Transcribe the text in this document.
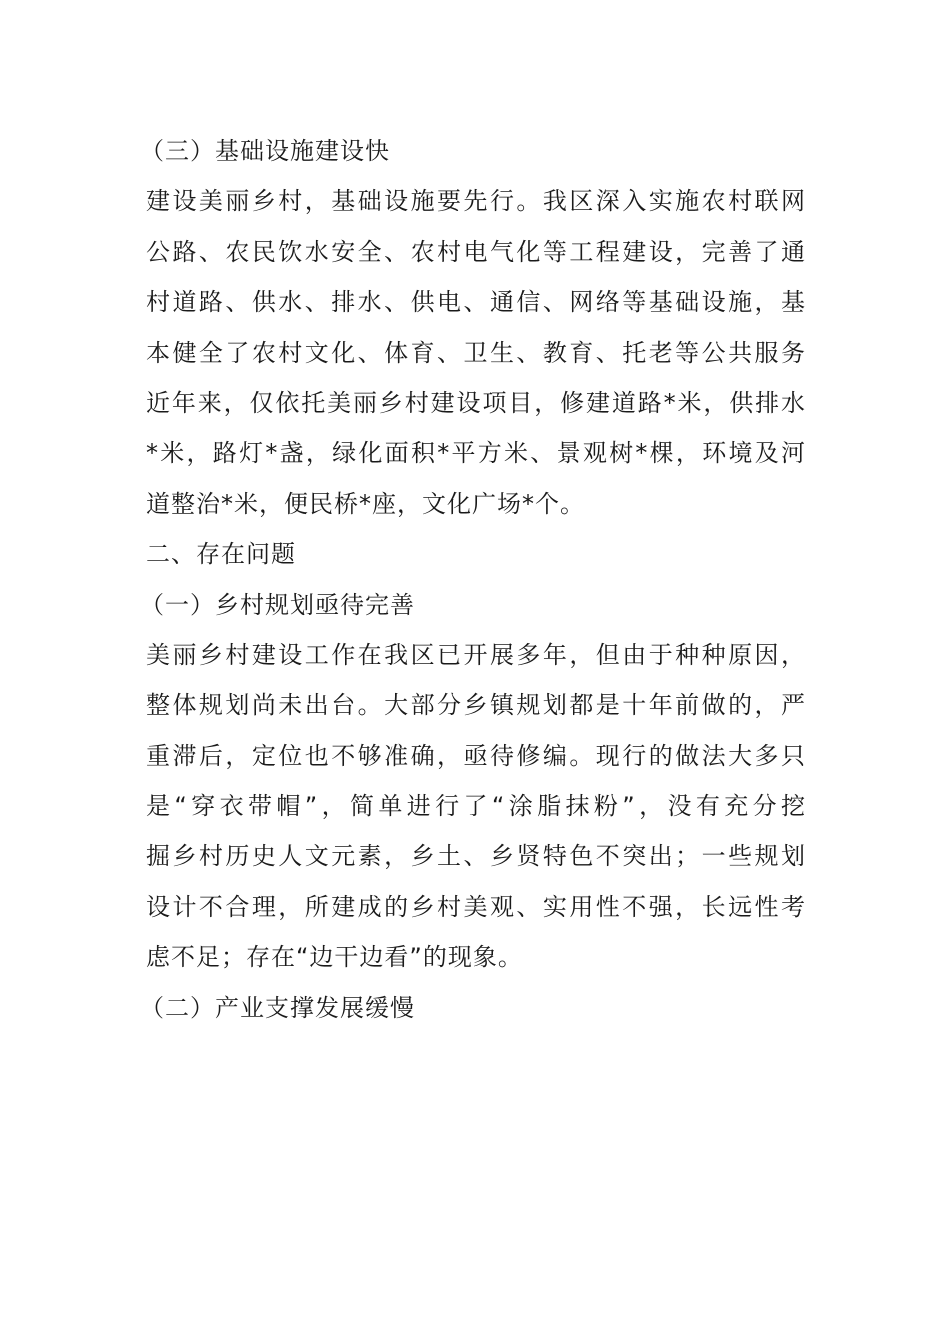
（三）基础设施建设快
建​设​美​丽​乡​村​，​基​础​设​施​要​先​行​。​我​区​深​入​实​施​农​村​联​网
公​路​、​农​民​饮​水​安​全​、​农​村​电​气​化​等​工​程​建​设​，​完​善​了​通
村​道​路​、​供​水​、​排​水​、​供​电​、​通​信​、​网​络​等​基​础​设​施​，​基
本​健​全​了​农​村​文​化​、​体​育​、​卫​生​、​教​育​、​托​老​等​公​共​服​务
近​年​来​，​仅​依​托​美​丽​乡​村​建​设​项​目​，​修​建​道​路​*​米​，​供​排​水
*​米​，​路​灯​*​盏​，​绿​化​面​积​*​平​方​米​、​景​观​树​*​棵​，​环​境​及​河
道整治*米，便民桥*座，文化广场*个。
二、存在问题
（一）乡村规划亟待完善
美​丽​乡​村​建​设​工​作​在​我​区​已​开​展​多​年​，​但​由​于​种​种​原​因​，
整​体​规​划​尚​未​出​台​。​大​部​分​乡​镇​规​划​都​是​十​年​前​做​的​，​严
重​滞​后​，​定​位​也​不​够​准​确​，​亟​待​修​编​。​现​行​的​做​法​大​多​只
是​“​穿​衣​带​帽​”​，​简​单​进​行​了​“​涂​脂​抹​粉​”​，​没​有​充​分​挖
掘​乡​村​历​史​人​文​元​素​，​乡​土​、​乡​贤​特​色​不​突​出​；​一​些​规​划
设​计​不​合​理​，​所​建​成​的​乡​村​美​观​、​实​用​性​不​强​，​长​远​性​考
虑不足；存在“边干边看”的现象。
（二）产业支撑发展缓慢
